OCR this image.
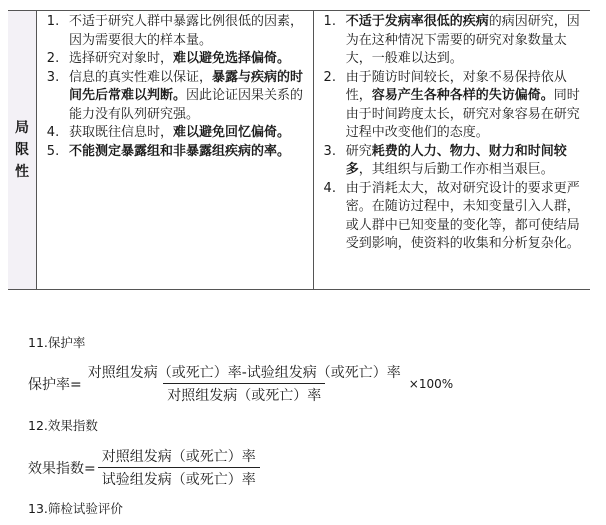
局
限
性

1. 不适于研究人群中暴露比例很低的因素，因为需要很大的样本量。
2. 选择研究对象时，难以避免选择偏倚。
3. 信息的真实性难以保证，暴露与疾病的时间先后常难以判断。因此论证因果关系的能力没有队列研究强。
4. 获取既往信息时，难以避免回忆偏倚。
5. 不能测定暴露组和非暴露组疾病的率。

1. 不适于发病率很低的疾病的病因研究，因为在这种情况下需要的研究对象数量太大，一般难以达到。
2. 由于随访时间较长，对象不易保持依从性，容易产生各种各样的失访偏倚。同时由于时间跨度太长，研究对象容易在研究过程中改变他们的态度。
3. 研究耗费的人力、物力、财力和时间较多，其组织与后勤工作亦相当艰巨。
4. 由于消耗太大，故对研究设计的要求更严密。在随访过程中，未知变量引入人群，或人群中已知变量的变化等，都可使结局受到影响，使资料的收集和分析复杂化。
11.保护率
保护率= $\frac{\text{对照组发病（或死亡）率-试验组发病（或死亡）率}}{\text{对照组发病（或死亡）率}} \times 100\%$
12.效果指数
效果指数= $\frac{\text{对照组发病（或死亡）率}}{\text{试验组发病（或死亡）率}}$
13.筛检试验评价
